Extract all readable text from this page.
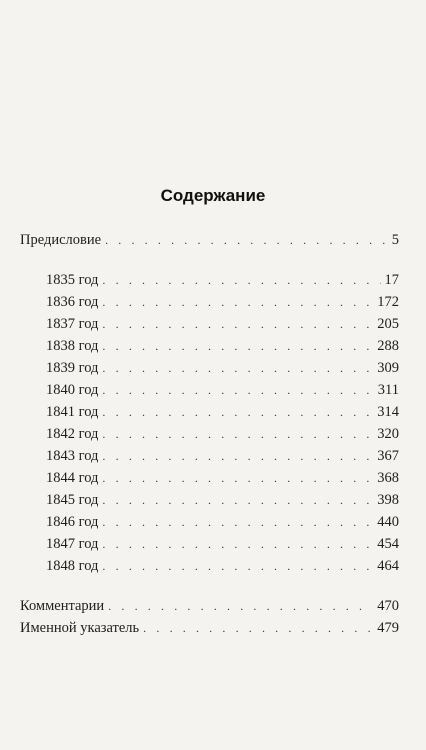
Содержание
Предисловие . . .	5
1835 год . . .	17
1836 год . . .	172
1837 год . . .	205
1838 год . . .	288
1839 год . . .	309
1840 год . . .	311
1841 год . . .	314
1842 год . . .	320
1843 год . . .	367
1844 год . . .	368
1845 год . . .	398
1846 год . . .	440
1847 год . . .	454
1848 год . . .	464
Комментарии . . .	470
Именной указатель . . .	479
